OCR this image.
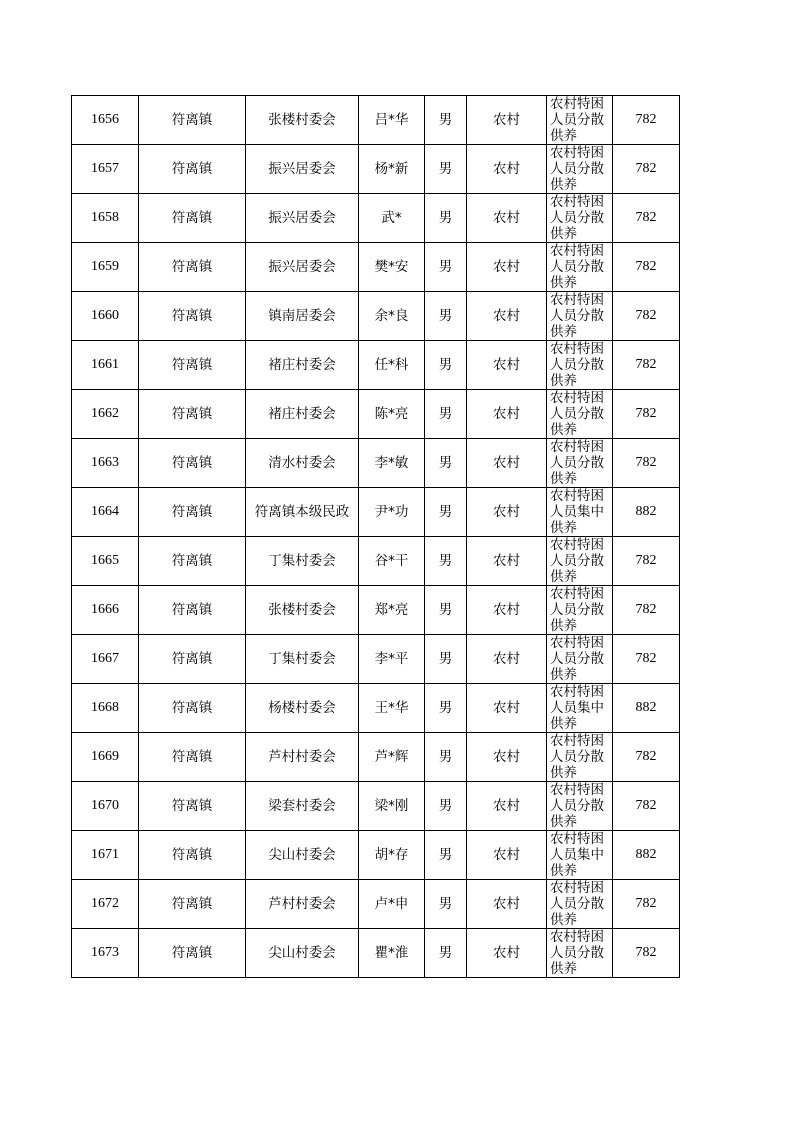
1656	符离镇	张楼村委会	吕*华	男	农村	农村特困人员分散供养	782
1657	符离镇	振兴居委会	杨*新	男	农村	农村特困人员分散供养	782
1658	符离镇	振兴居委会	武*	男	农村	农村特困人员分散供养	782
1659	符离镇	振兴居委会	樊*安	男	农村	农村特困人员分散供养	782
1660	符离镇	镇南居委会	余*良	男	农村	农村特困人员分散供养	782
1661	符离镇	褚庄村委会	任*科	男	农村	农村特困人员分散供养	782
1662	符离镇	褚庄村委会	陈*亮	男	农村	农村特困人员分散供养	782
1663	符离镇	清水村委会	李*敏	男	农村	农村特困人员分散供养	782
1664	符离镇	符离镇本级民政	尹*功	男	农村	农村特困人员集中供养	882
1665	符离镇	丁集村委会	谷*干	男	农村	农村特困人员分散供养	782
1666	符离镇	张楼村委会	郑*亮	男	农村	农村特困人员分散供养	782
1667	符离镇	丁集村委会	李*平	男	农村	农村特困人员分散供养	782
1668	符离镇	杨楼村委会	王*华	男	农村	农村特困人员集中供养	882
1669	符离镇	芦村村委会	芦*辉	男	农村	农村特困人员分散供养	782
1670	符离镇	梁套村委会	梁*刚	男	农村	农村特困人员分散供养	782
1671	符离镇	尖山村委会	胡*存	男	农村	农村特困人员集中供养	882
1672	符离镇	芦村村委会	卢*申	男	农村	农村特困人员分散供养	782
1673	符离镇	尖山村委会	瞿*淮	男	农村	农村特困人员分散供养	782
